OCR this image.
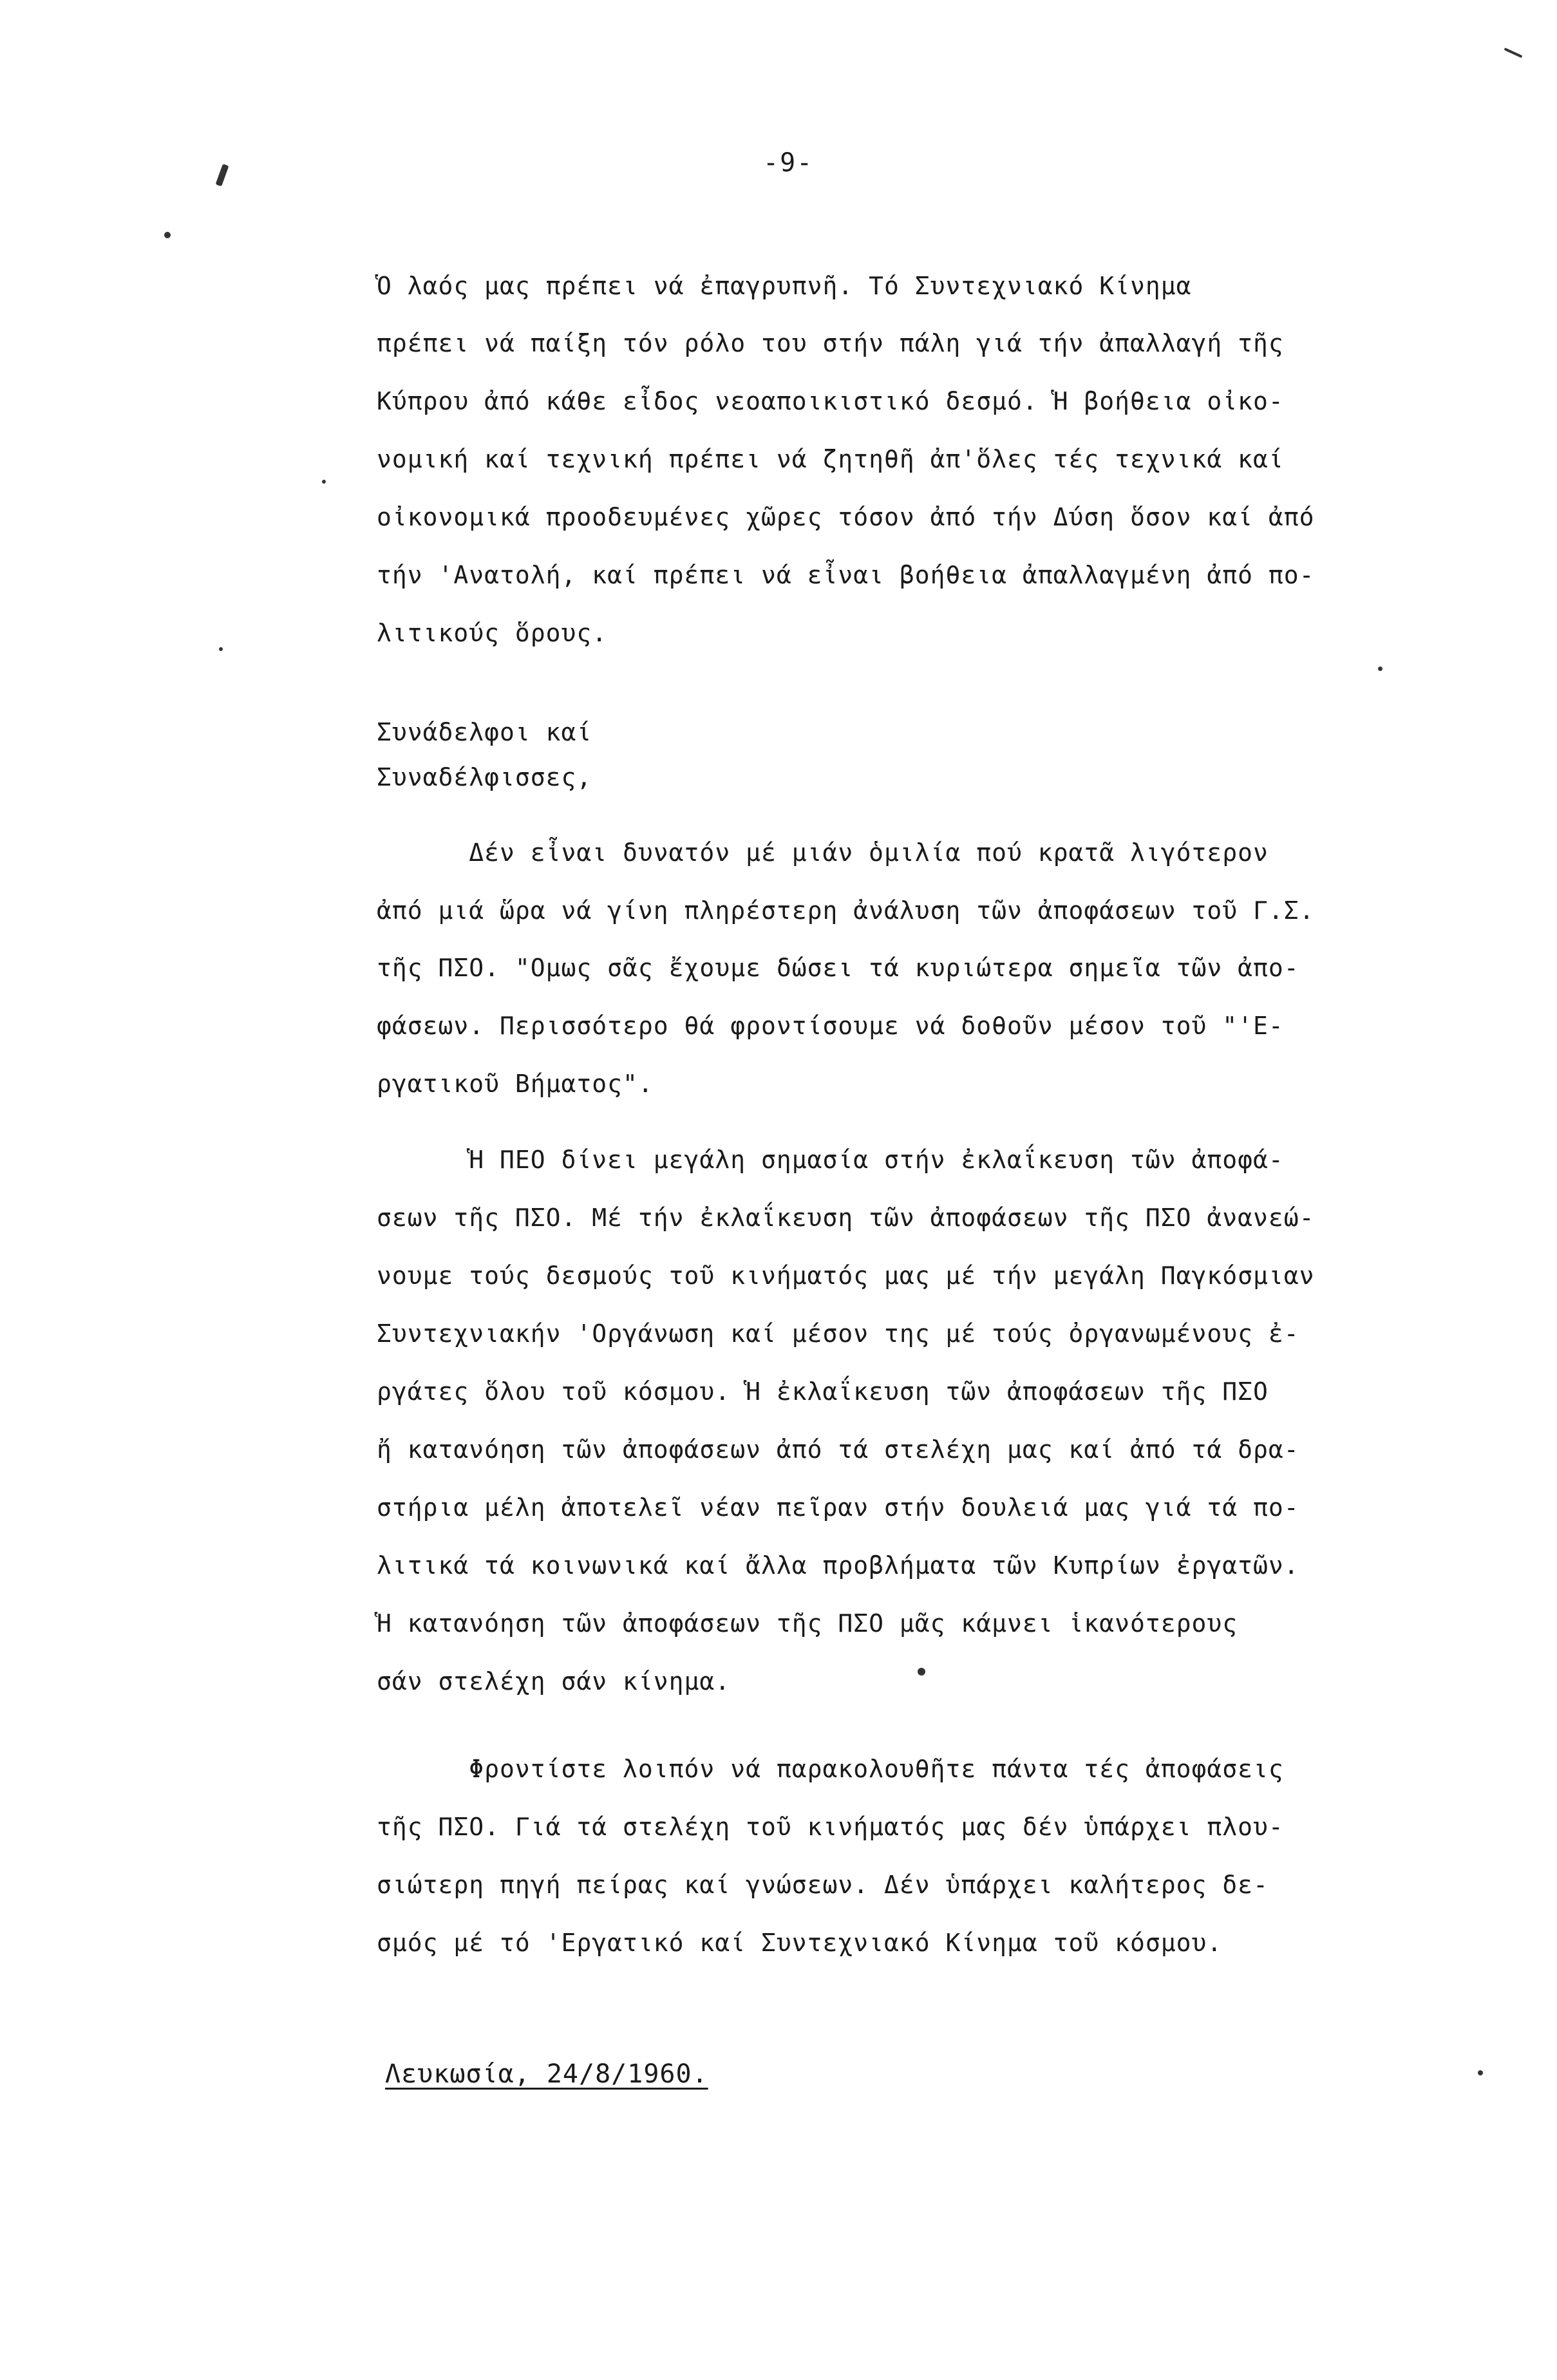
-9-
Ὁ λαός μας πρέπει νά ἐπαγρυπνῆ. Τό Συντεχνιακό Κίνημα
πρέπει νά παίξη τόν ρόλο του στήν πάλη γιά τήν ἀπαλλαγή τῆς
Κύπρου ἀπό κάθε εἶδος νεοαποικιστικό δεσμό. Ἡ βοήθεια οἰκο-
νομική καί τεχνική πρέπει νά ζητηθῆ ἀπ'ὅλες τές τεχνικά καί
οἰκονομικά προοδευμένες χῶρες τόσον ἀπό τήν Δύση ὅσον καί ἀπό
τήν 'Ανατολή, καί πρέπει νά εἶναι βοήθεια ἀπαλλαγμένη ἀπό πο-
λιτικούς ὅρους.
Συνάδελφοι καί
Συναδέλφισσες,
Δέν εἶναι δυνατόν μέ μιάν ὁμιλία πού κρατᾶ λιγότερον
ἀπό μιά ὥρα νά γίνη πληρέστερη ἀνάλυση τῶν ἀποφάσεων τοῦ Γ.Σ.
τῆς ΠΣΟ. "Ομως σᾶς ἔχουμε δώσει τά κυριώτερα σημεῖα τῶν ἀπο-
φάσεων. Περισσότερο θά φροντίσουμε νά δοθοῦν μέσον τοῦ "'Ε-
ργατικοῦ Βήματος".
Ἡ ΠΕΟ δίνει μεγάλη σημασία στήν ἐκλαΐκευση τῶν ἀποφά-
σεων τῆς ΠΣΟ. Μέ τήν ἐκλαΐκευση τῶν ἀποφάσεων τῆς ΠΣΟ ἀνανεώ-
νουμε τούς δεσμούς τοῦ κινήματός μας μέ τήν μεγάλη Παγκόσμιαν
Συντεχνιακήν 'Οργάνωση καί μέσον της μέ τούς ὀργανωμένους ἐ-
ργάτες ὅλου τοῦ κόσμου. Ἡ ἐκλαΐκευση τῶν ἀποφάσεων τῆς ΠΣΟ
ἤ κατανόηση τῶν ἀποφάσεων ἀπό τά στελέχη μας καί ἀπό τά δρα-
στήρια μέλη ἀποτελεῖ νέαν πεῖραν στήν δουλειά μας γιά τά πο-
λιτικά τά κοινωνικά καί ἄλλα προβλήματα τῶν Κυπρίων ἐργατῶν.
Ἡ κατανόηση τῶν ἀποφάσεων τῆς ΠΣΟ μᾶς κάμνει ἱκανότερους
σάν στελέχη σάν κίνημα.
Φροντίστε λοιπόν νά παρακολουθῆτε πάντα τές ἀποφάσεις
τῆς ΠΣΟ. Γιά τά στελέχη τοῦ κινήματός μας δέν ὑπάρχει πλου-
σιώτερη πηγή πείρας καί γνώσεων. Δέν ὑπάρχει καλήτερος δε-
σμός μέ τό 'Εργατικό καί Συντεχνιακό Κίνημα τοῦ κόσμου.
Λευκωσία, 24/8/1960.
